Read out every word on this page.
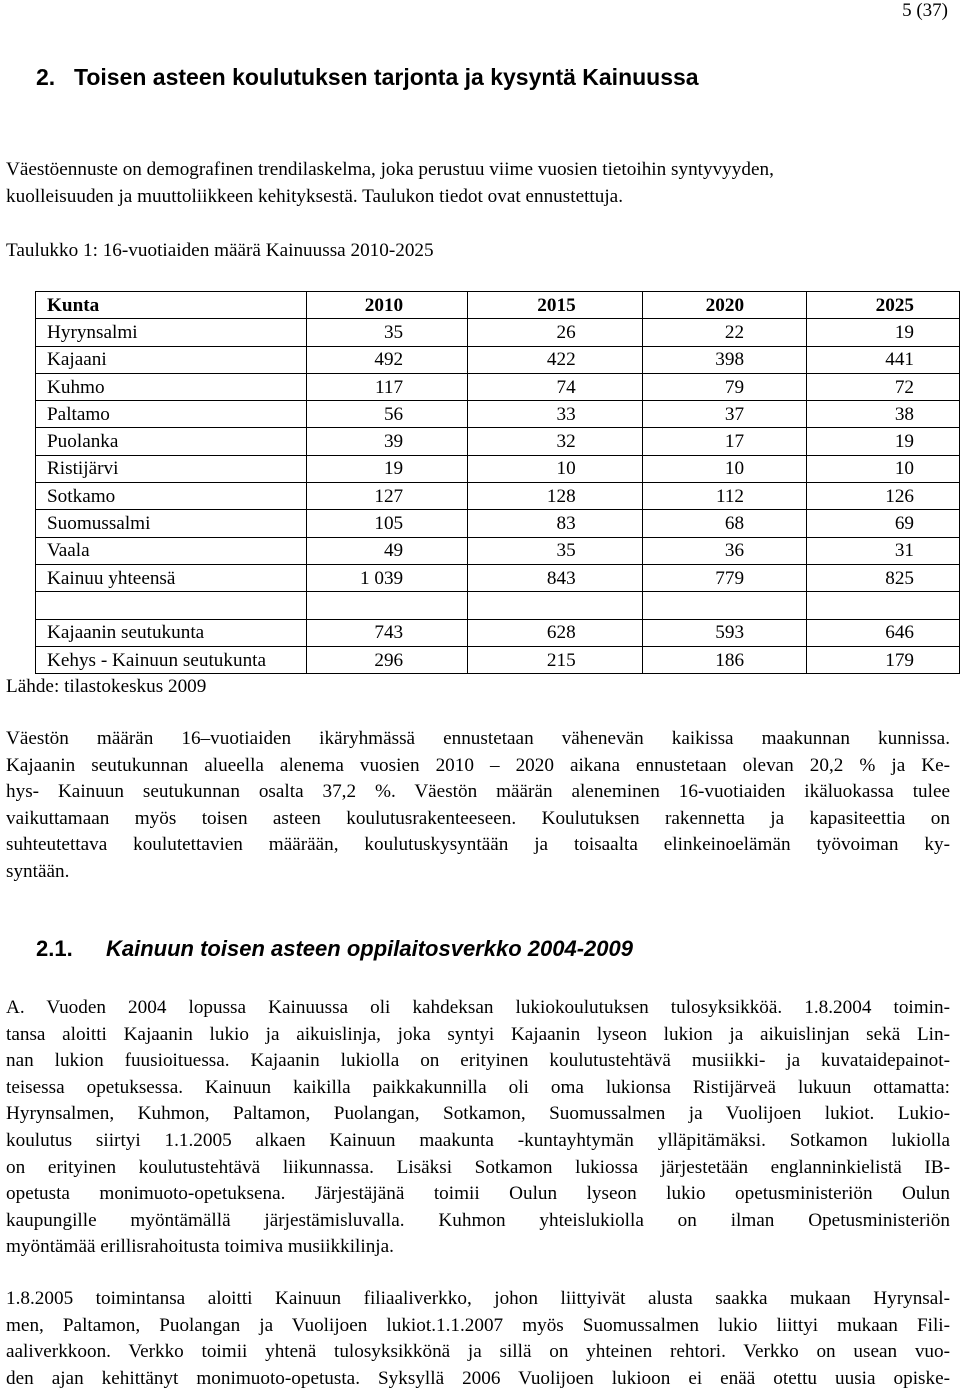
5 (37)
2. Toisen asteen koulutuksen tarjonta ja kysyntä Kainuussa
Väestöennuste on demografinen trendilaskelma, joka perustuu viime vuosien tietoihin syntyvyyden,
kuolleisuuden ja muuttoliikkeen kehityksestä. Taulukon tiedot ovat ennustettuja.
Taulukko 1: 16-vuotiaiden määrä Kainuussa 2010-2025
Kunta	2010	2015	2020	2025
Hyrynsalmi	35	26	22	19
Kajaani	492	422	398	441
Kuhmo	117	74	79	72
Paltamo	56	33	37	38
Puolanka	39	32	17	19
Ristijärvi	19	10	10	10
Sotkamo	127	128	112	126
Suomussalmi	105	83	68	69
Vaala	49	35	36	31
Kainuu yhteensä	1 039	843	779	825

Kajaanin seutukunta	743	628	593	646
Kehys - Kainuun seutukunta	296	215	186	179
Lähde: tilastokeskus 2009
Väestön määrän 16–vuotiaiden ikäryhmässä ennustetaan vähenevän kaikissa maakunnan kunnissa.
Kajaanin seutukunnan alueella alenema vuosien 2010 – 2020 aikana ennustetaan olevan 20,2 % ja Ke-
hys- Kainuun seutukunnan osalta 37,2 %. Väestön määrän aleneminen 16-vuotiaiden ikäluokassa tulee
vaikuttamaan myös toisen asteen koulutusrakenteeseen. Koulutuksen rakennetta ja kapasiteettia on
suhteutettava koulutettavien määrään, koulutuskysyntään ja toisaalta elinkeinoelämän työvoiman ky-
syntään.
2.1. Kainuun toisen asteen oppilaitosverkko 2004-2009
A. Vuoden 2004 lopussa Kainuussa oli kahdeksan lukiokoulutuksen tulosyksikköä. 1.8.2004 toimin-
tansa aloitti Kajaanin lukio ja aikuislinja, joka syntyi Kajaanin lyseon lukion ja aikuislinjan sekä Lin-
nan lukion fuusioituessa. Kajaanin lukiolla on erityinen koulutustehtävä musiikki- ja kuvataidepainot-
teisessa opetuksessa. Kainuun kaikilla paikkakunnilla oli oma lukionsa Ristijärveä lukuun ottamatta:
Hyrynsalmen, Kuhmon, Paltamon, Puolangan, Sotkamon, Suomussalmen ja Vuolijoen lukiot. Lukio-
koulutus siirtyi 1.1.2005 alkaen Kainuun maakunta -kuntayhtymän ylläpitämäksi. Sotkamon lukiolla
on erityinen koulutustehtävä liikunnassa. Lisäksi Sotkamon lukiossa järjestetään englanninkielistä IB-
opetusta monimuoto-opetuksena. Järjestäjänä toimii Oulun lyseon lukio opetusministeriön Oulun
kaupungille myöntämällä järjestämisluvalla. Kuhmon yhteislukiolla on ilman Opetusministeriön
myöntämää erillisrahoitusta toimiva musiikkilinja.
1.8.2005 toimintansa aloitti Kainuun filiaaliverkko, johon liittyivät alusta saakka mukaan Hyrynsal-
men, Paltamon, Puolangan ja Vuolijoen lukiot.1.1.2007 myös Suomussalmen lukio liittyi mukaan Fili-
aaliverkkoon. Verkko toimii yhtenä tulosyksikkönä ja sillä on yhteinen rehtori. Verkko on usean vuo-
den ajan kehittänyt monimuoto-opetusta. Syksyllä 2006 Vuolijoen lukioon ei enää otettu uusia opiske-
